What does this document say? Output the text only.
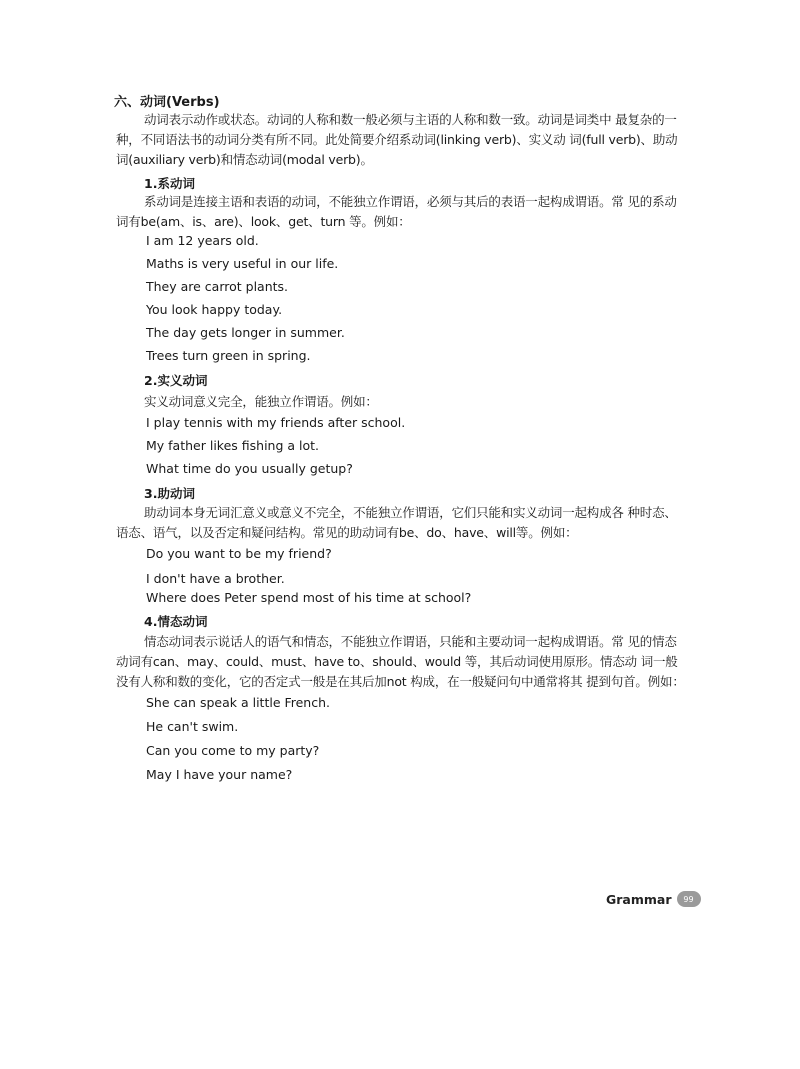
六、动词(Verbs)
动词表示动作或状态。动词的人称和数一般必须与主语的人称和数一致。动词是词类中 最复杂的一种，不同语法书的动词分类有所不同。此处简要介绍系动词(linking verb)、实义动 词(full verb)、助动词(auxiliary verb)和情态动词(modal verb)。
1.系动词
系动词是连接主语和表语的动词，不能独立作谓语，必须与其后的表语一起构成谓语。常 见的系动词有be(am、is、are)、look、get、turn 等。例如：
I am 12 years old.
Maths is very useful in our life.
They are carrot plants.
You look happy today.
The day gets longer in summer.
Trees turn green in spring.
2.实义动词
实义动词意义完全，能独立作谓语。例如：
I play tennis with my friends after school.
My father likes fishing a lot.
What time do you usually getup?
3.助动词
助动词本身无词汇意义或意义不完全，不能独立作谓语，它们只能和实义动词一起构成各 种时态、语态、语气，以及否定和疑问结构。常见的助动词有be、do、have、will等。例如：
Do you want to be my friend?
I don't have a brother.
Where does Peter spend most of his time at school?
4.情态动词
情态动词表示说话人的语气和情态，不能独立作谓语，只能和主要动词一起构成谓语。常 见的情态动词有can、may、could、must、have to、should、would 等，其后动词使用原形。情态动 词一般没有人称和数的变化，它的否定式一般是在其后加not 构成，在一般疑问句中通常将其 提到句首。例如：
She can speak a little French.
He can't swim.
Can you come to my party?
May I have your name?
Grammar	99
